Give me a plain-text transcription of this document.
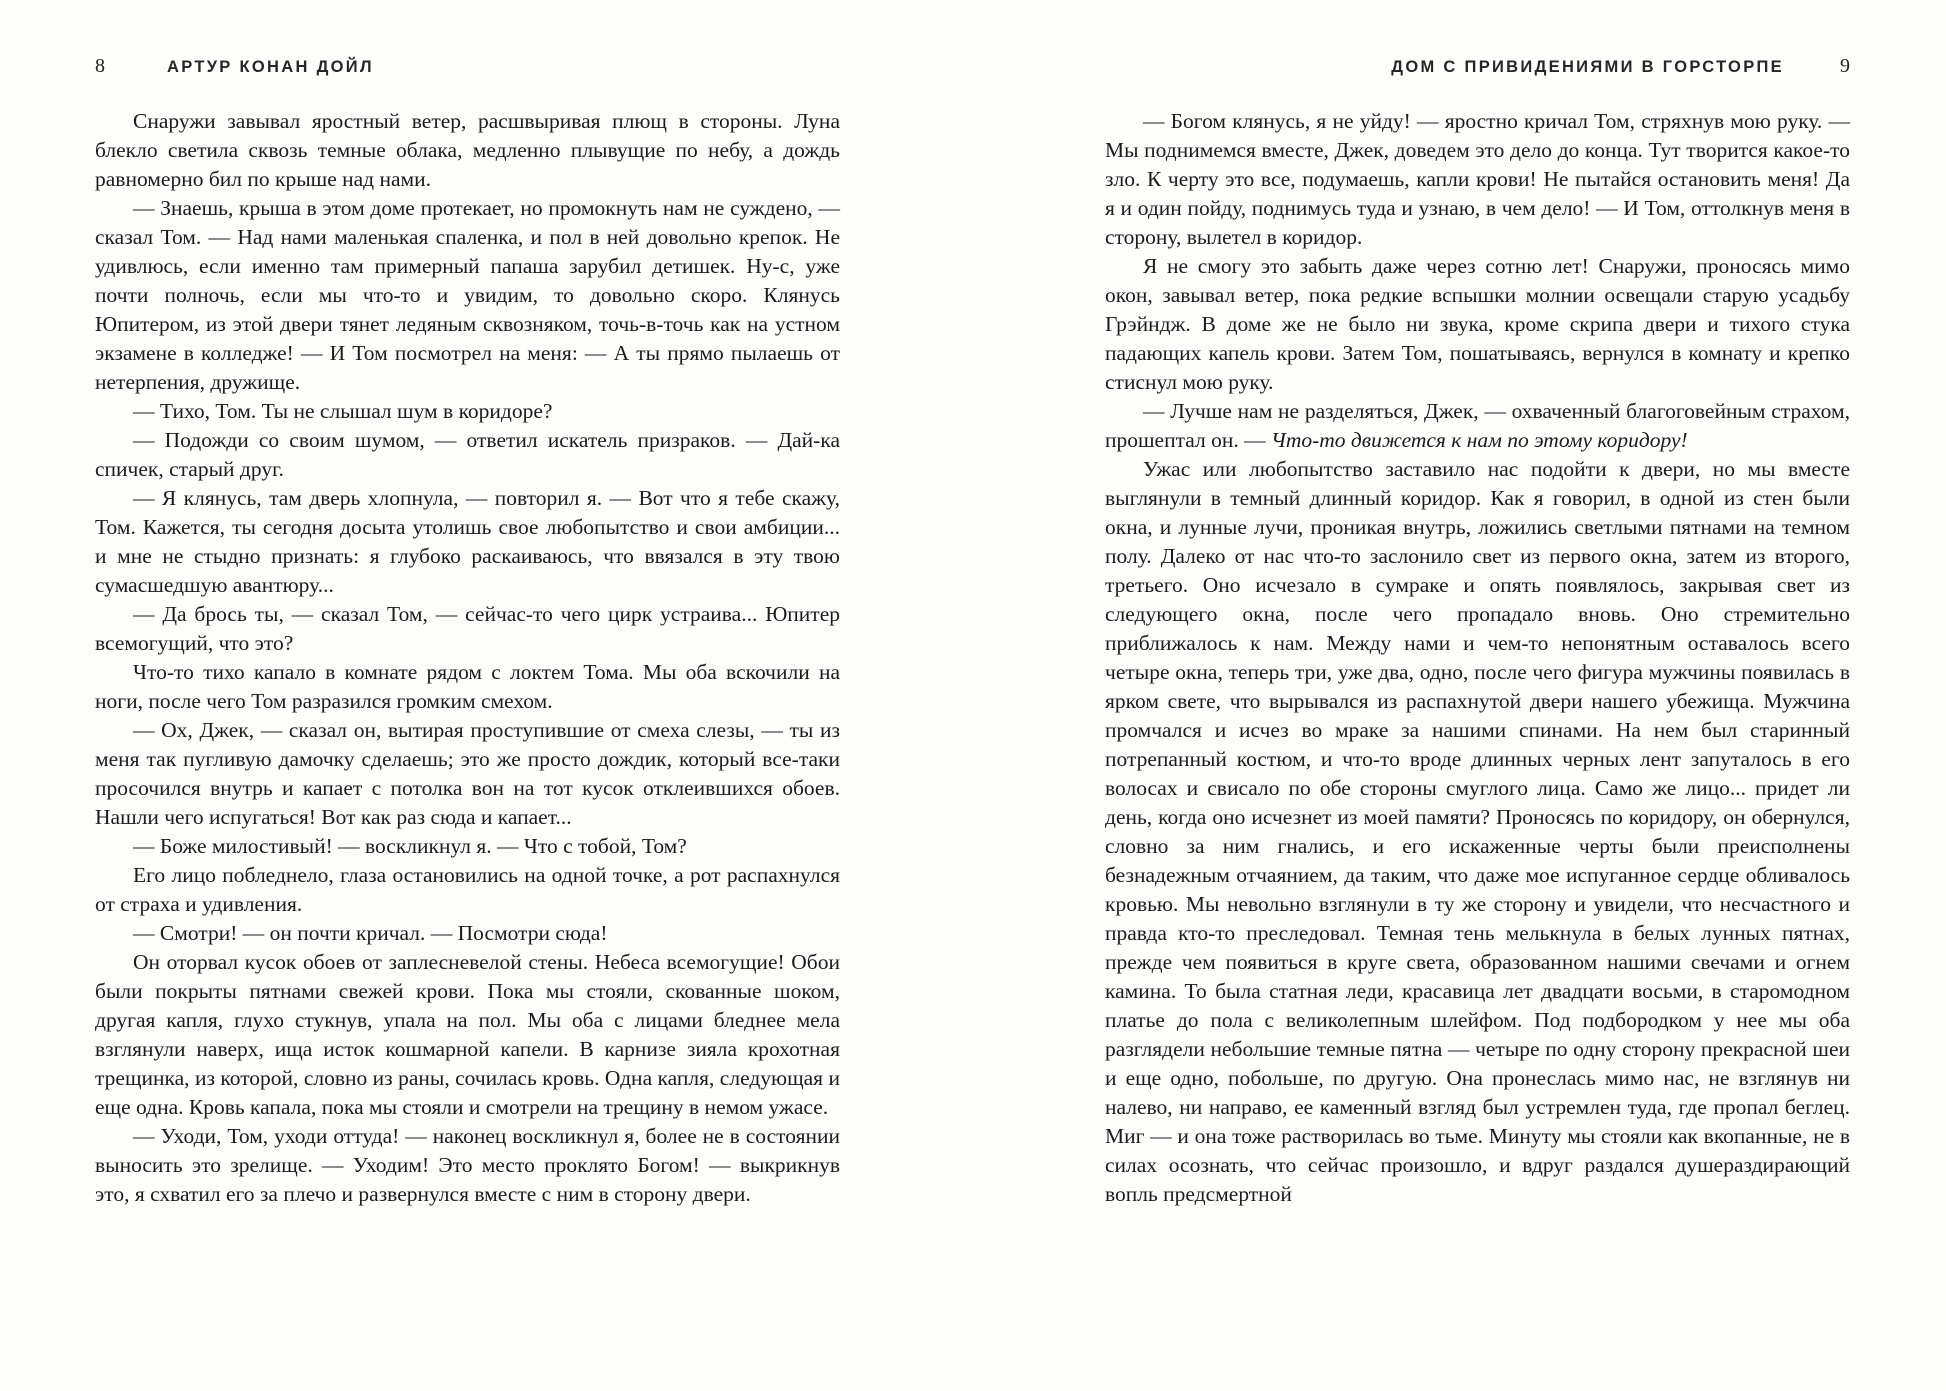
8	АРТУР КОНАН ДОЙЛ

Снаружи завывал яростный ветер, расшвыривая плющ в стороны. Луна блекло светила сквозь темные облака, медленно плывущие по небу, а дождь равномерно бил по крыше над нами.

— Знаешь, крыша в этом доме протекает, но промокнуть нам не суждено, — сказал Том. — Над нами маленькая спаленка, и пол в ней довольно крепок. Не удивлюсь, если именно там примерный папаша зарубил детишек. Ну-с, уже почти полночь, если мы что-то и увидим, то довольно скоро. Клянусь Юпитером, из этой двери тянет ледяным сквозняком, точь-в-точь как на устном экзамене в колледже! — И Том посмотрел на меня: — А ты прямо пылаешь от нетерпения, дружище.

— Тихо, Том. Ты не слышал шум в коридоре?

— Подожди со своим шумом, — ответил искатель призраков. — Дай-ка спичек, старый друг.

— Я клянусь, там дверь хлопнула, — повторил я. — Вот что я тебе скажу, Том. Кажется, ты сегодня досыта утолишь свое любопытство и свои амбиции... и мне не стыдно признать: я глубоко раскаиваюсь, что ввязался в эту твою сумасшедшую авантюру...

— Да брось ты, — сказал Том, — сейчас-то чего цирк устраива... Юпитер всемогущий, что это?

Что-то тихо капало в комнате рядом с локтем Тома. Мы оба вскочили на ноги, после чего Том разразился громким смехом.

— Ох, Джек, — сказал он, вытирая проступившие от смеха слезы, — ты из меня так пугливую дамочку сделаешь; это же просто дождик, который все-таки просочился внутрь и капает с потолка вон на тот кусок отклеившихся обоев. Нашли чего испугаться! Вот как раз сюда и капает...

— Боже милостивый! — воскликнул я. — Что с тобой, Том?

Его лицо побледнело, глаза остановились на одной точке, а рот распахнулся от страха и удивления.

— Смотри! — он почти кричал. — Посмотри сюда!

Он оторвал кусок обоев от заплесневелой стены. Небеса всемогущие! Обои были покрыты пятнами свежей крови. Пока мы стояли, скованные шоком, другая капля, глухо стукнув, упала на пол. Мы оба с лицами бледнее мела взглянули наверх, ища исток кошмарной капели. В карнизе зияла крохотная трещинка, из которой, словно из раны, сочилась кровь. Одна капля, следующая и еще одна. Кровь капала, пока мы стояли и смотрели на трещину в немом ужасе.

— Уходи, Том, уходи оттуда! — наконец воскликнул я, более не в состоянии выносить это зрелище. — Уходим! Это место проклято Богом! — выкрикнув это, я схватил его за плечо и развернулся вместе с ним в сторону двери.

ДОМ С ПРИВИДЕНИЯМИ В ГОРСТОРПЕ	9

— Богом клянусь, я не уйду! — яростно кричал Том, стряхнув мою руку. — Мы поднимемся вместе, Джек, доведем это дело до конца. Тут творится какое-то зло. К черту это все, подумаешь, капли крови! Не пытайся остановить меня! Да я и один пойду, поднимусь туда и узнаю, в чем дело! — И Том, оттолкнув меня в сторону, вылетел в коридор.

Я не смогу это забыть даже через сотню лет! Снаружи, проносясь мимо окон, завывал ветер, пока редкие вспышки молнии освещали старую усадьбу Грэйндж. В доме же не было ни звука, кроме скрипа двери и тихого стука падающих капель крови. Затем Том, пошатываясь, вернулся в комнату и крепко стиснул мою руку.

— Лучше нам не разделяться, Джек, — охваченный благоговейным страхом, прошептал он. — Что-то движется к нам по этому коридору!

Ужас или любопытство заставило нас подойти к двери, но мы вместе выглянули в темный длинный коридор. Как я говорил, в одной из стен были окна, и лунные лучи, проникая внутрь, ложились светлыми пятнами на темном полу. Далеко от нас что-то заслонило свет из первого окна, затем из второго, третьего. Оно исчезало в сумраке и опять появлялось, закрывая свет из следующего окна, после чего пропадало вновь. Оно стремительно приближалось к нам. Между нами и чем-то непонятным оставалось всего четыре окна, теперь три, уже два, одно, после чего фигура мужчины появилась в ярком свете, что вырывался из распахнутой двери нашего убежища. Мужчина промчался и исчез во мраке за нашими спинами. На нем был старинный потрепанный костюм, и что-то вроде длинных черных лент запуталось в его волосах и свисало по обе стороны смуглого лица. Само же лицо... придет ли день, когда оно исчезнет из моей памяти? Проносясь по коридору, он обернулся, словно за ним гнались, и его искаженные черты были преисполнены безнадежным отчаянием, да таким, что даже мое испуганное сердце обливалось кровью. Мы невольно взглянули в ту же сторону и увидели, что несчастного и правда кто-то преследовал. Темная тень мелькнула в белых лунных пятнах, прежде чем появиться в круге света, образованном нашими свечами и огнем камина. То была статная леди, красавица лет двадцати восьми, в старомодном платье до пола с великолепным шлейфом. Под подбородком у нее мы оба разглядели небольшие темные пятна — четыре по одну сторону прекрасной шеи и еще одно, побольше, по другую. Она пронеслась мимо нас, не взглянув ни налево, ни направо, ее каменный взгляд был устремлен туда, где пропал беглец. Миг — и она тоже растворилась во тьме. Минуту мы стояли как вкопанные, не в силах осознать, что сейчас произошло, и вдруг раздался душераздирающий вопль предсмертной
